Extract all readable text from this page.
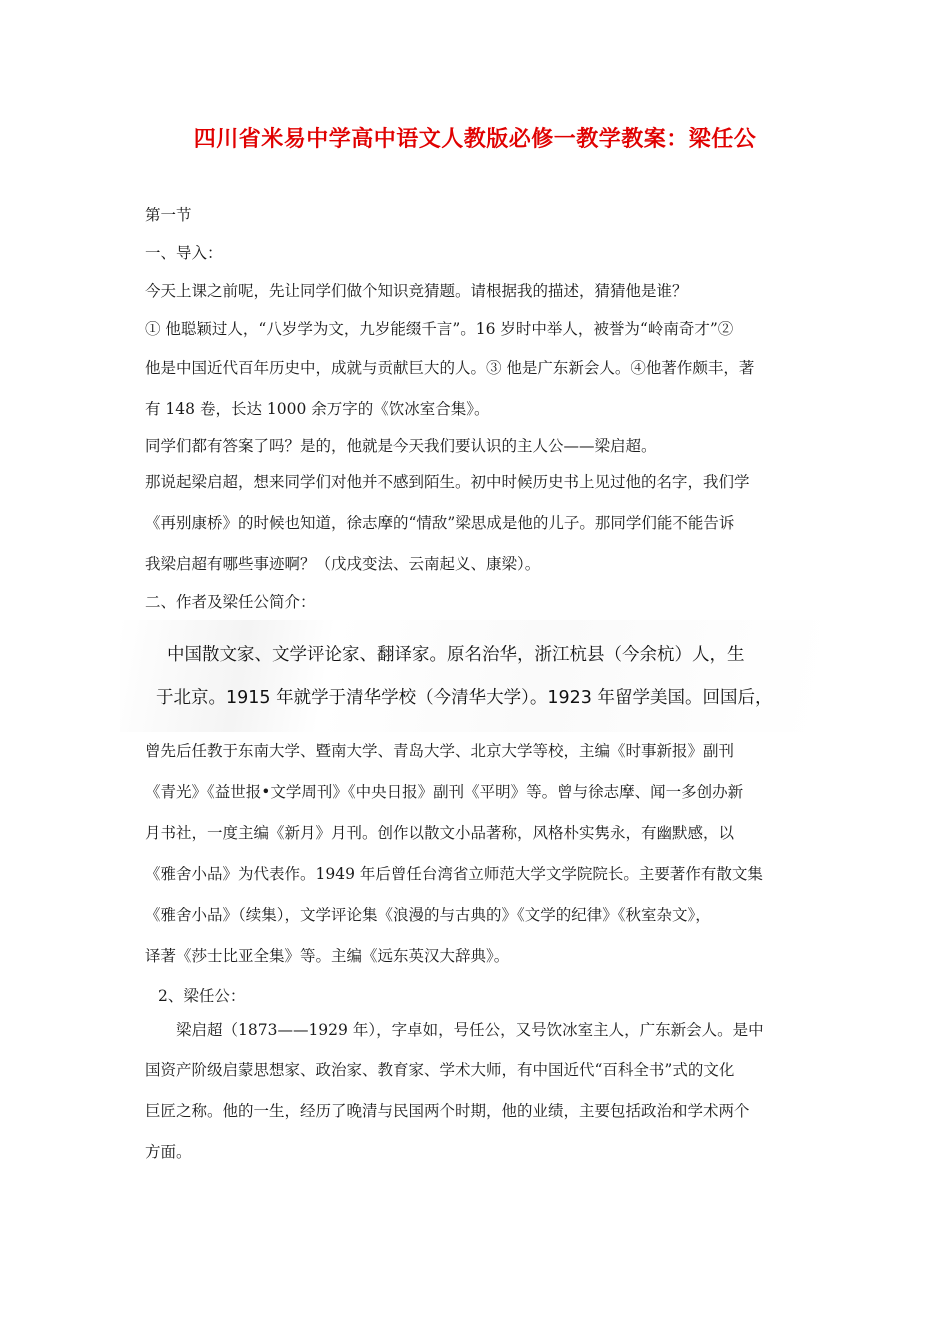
四川省米易中学高中语文人教版必修一教学教案：梁任公
第一节
一、导入：
今天上课之前呢，先让同学们做个知识竞猜题。请根据我的描述，猜猜他是谁？
① 他聪颖过人，“八岁学为文，九岁能缀千言”。16 岁时中举人，被誉为“岭南奇才”②
他是中国近代百年历史中，成就与贡献巨大的人。③ 他是广东新会人。④他著作颇丰，著
有 148 卷，长达 1000 余万字的《饮冰室合集》。
同学们都有答案了吗？是的，他就是今天我们要认识的主人公——梁启超。
那说起梁启超，想来同学们对他并不感到陌生。初中时候历史书上见过他的名字，我们学
《再别康桥》的时候也知道，徐志摩的“情敌”梁思成是他的儿子。那同学们能不能告诉
我梁启超有哪些事迹啊？（戊戌变法、云南起义、康梁）。
二、作者及梁任公简介：
中国散文家、文学评论家、翻译家。原名治华，浙江杭县（今余杭）人，生
于北京。1915 年就学于清华学校（今清华大学）。1923 年留学美国。回国后，
曾先后任教于东南大学、暨南大学、青岛大学、北京大学等校，主编《时事新报》副刊
《青光》《益世报•文学周刊》《中央日报》副刊《平明》等。曾与徐志摩、闻一多创办新
月书社，一度主编《新月》月刊。创作以散文小品著称，风格朴实隽永，有幽默感，以
《雅舍小品》为代表作。1949 年后曾任台湾省立师范大学文学院院长。主要著作有散文集
《雅舍小品》（续集），文学评论集《浪漫的与古典的》《文学的纪律》《秋室杂文》，
译著《莎士比亚全集》等。主编《远东英汉大辞典》。
2、梁任公：
梁启超（1873——1929 年），字卓如，号任公，又号饮冰室主人，广东新会人。是中
国资产阶级启蒙思想家、政治家、教育家、学术大师，有中国近代“百科全书”式的文化
巨匠之称。他的一生，经历了晚清与民国两个时期，他的业绩，主要包括政治和学术两个
方面。
